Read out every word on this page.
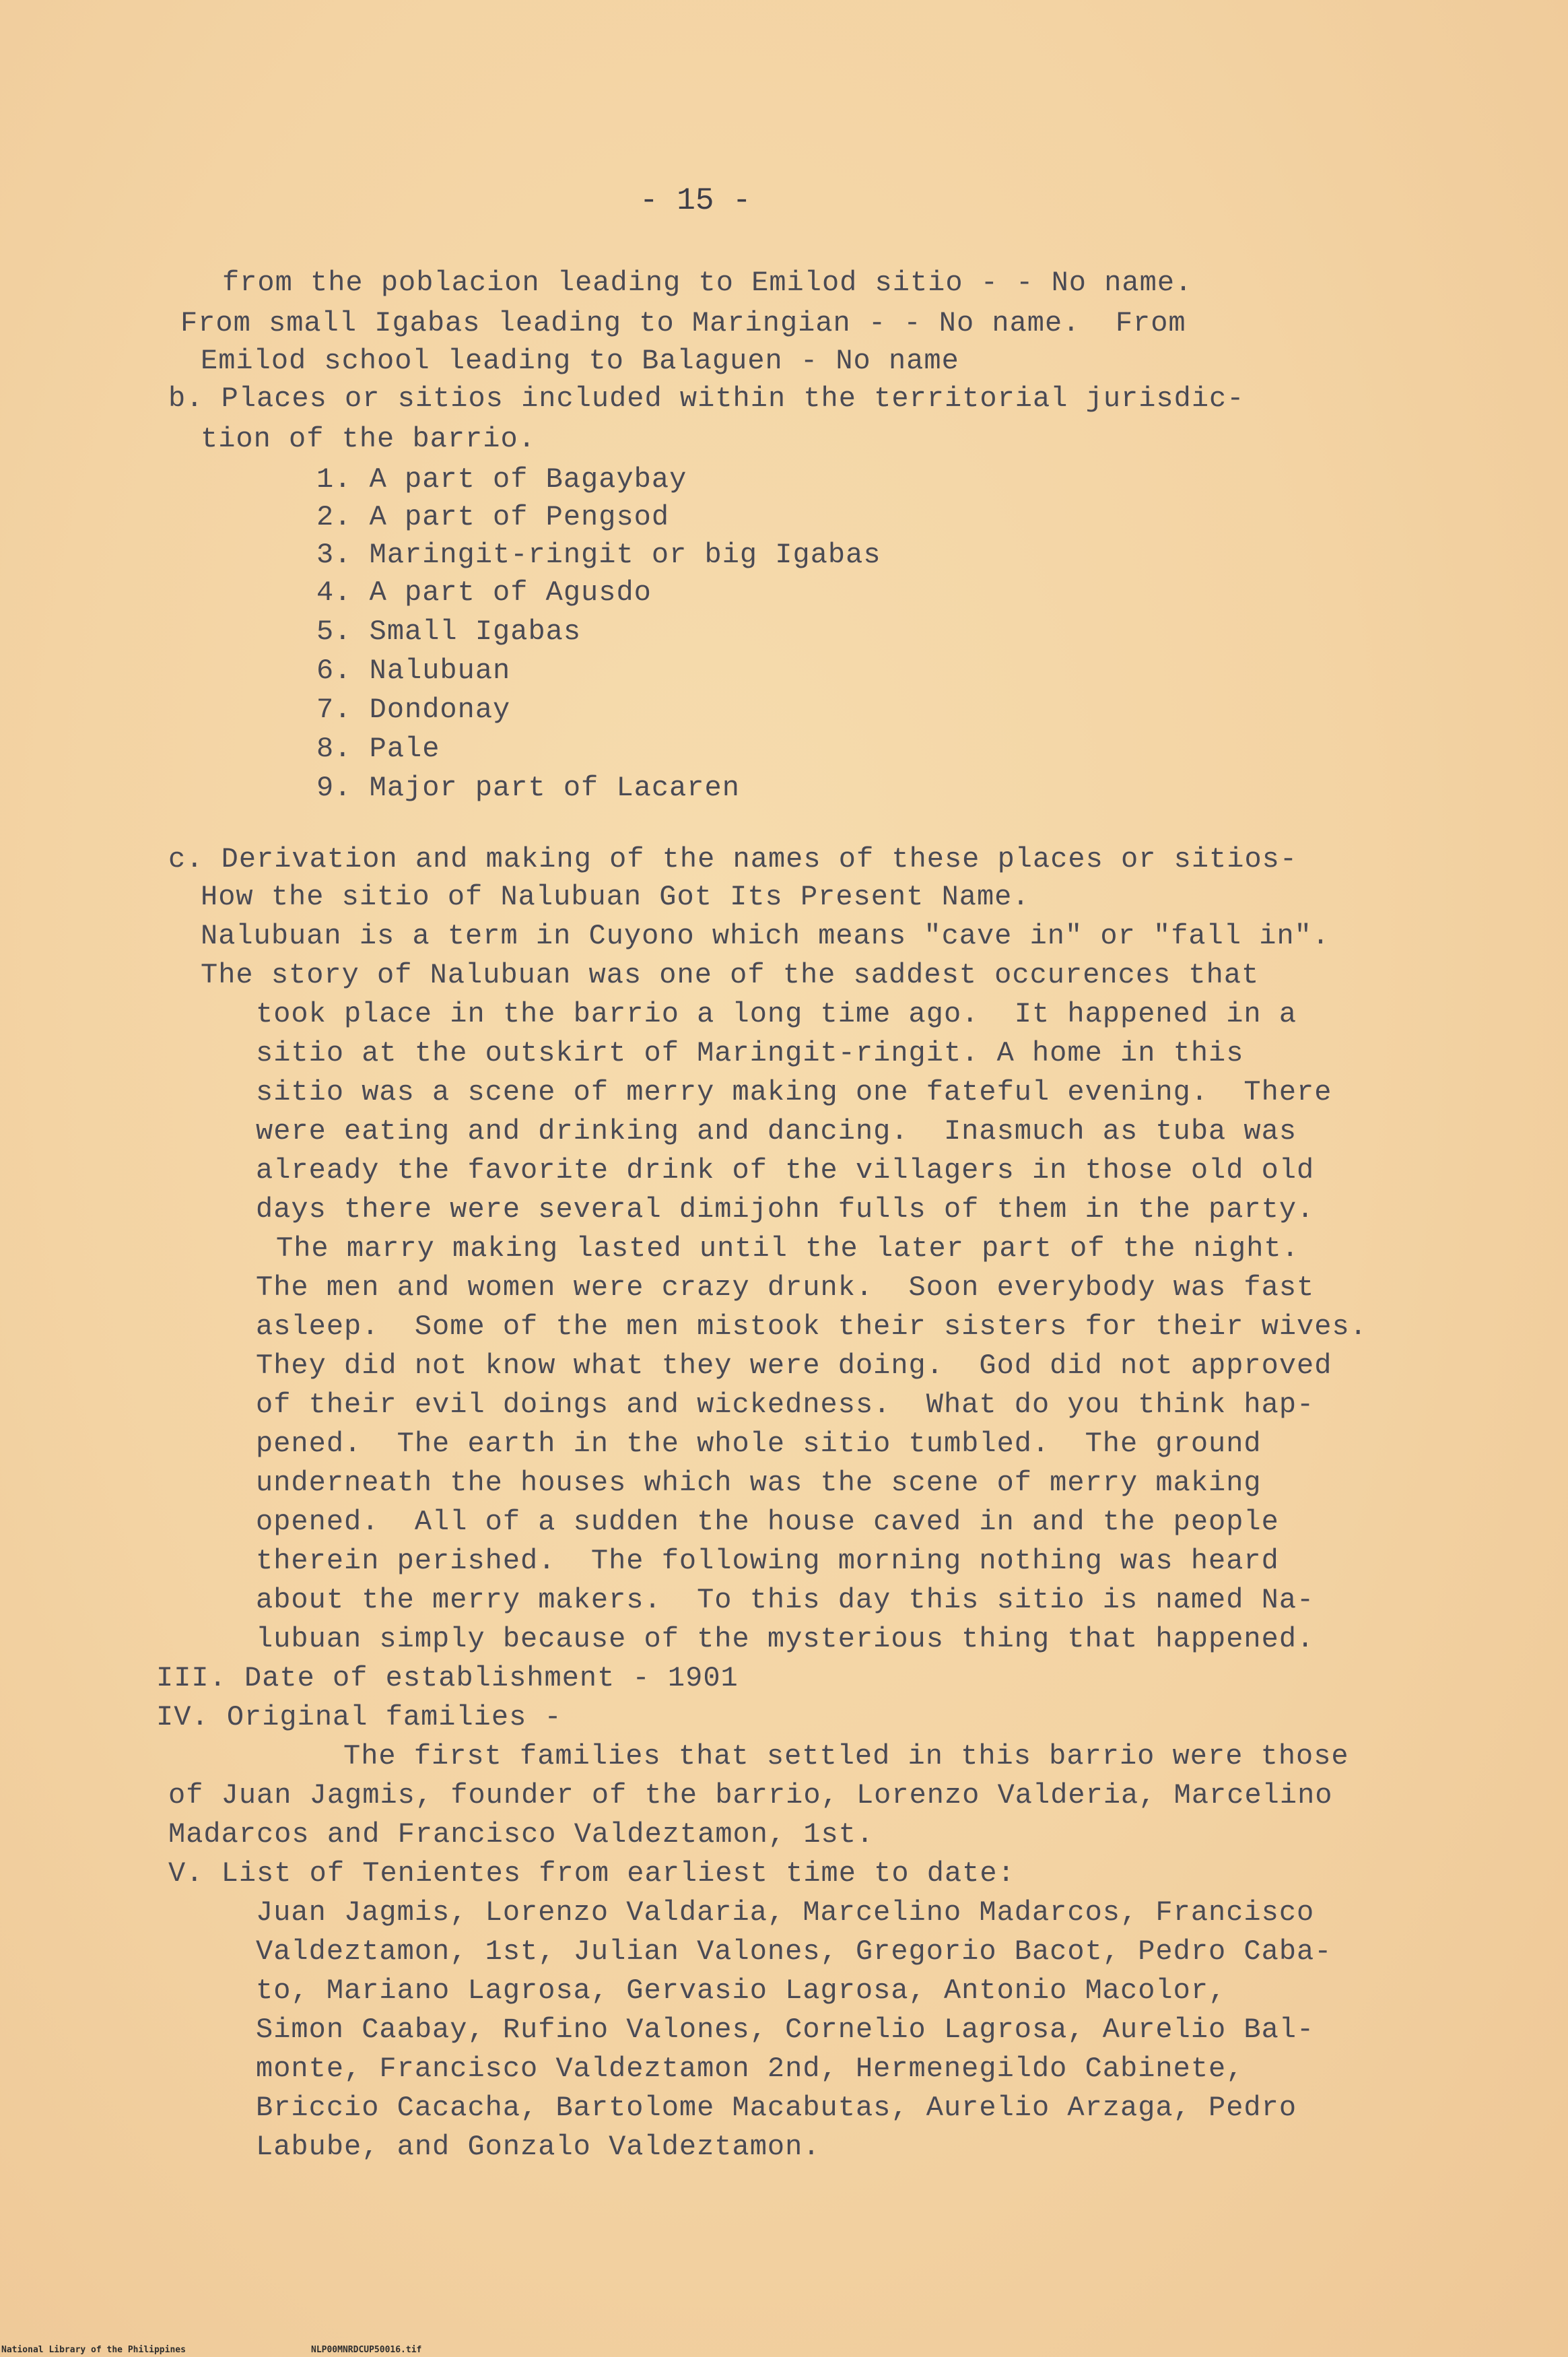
- 15 -
from the poblacion leading to Emilod sitio - - No name.
From small Igabas leading to Maringian - - No name.  From
Emilod school leading to Balaguen - No name
b. Places or sitios included within the territorial jurisdic-
tion of the barrio.
1. A part of Bagaybay
2. A part of Pengsod
3. Maringit-ringit or big Igabas
4. A part of Agusdo
5. Small Igabas
6. Nalubuan
7. Dondonay
8. Pale
9. Major part of Lacaren
c. Derivation and making of the names of these places or sitios-
How the sitio of Nalubuan Got Its Present Name.
Nalubuan is a term in Cuyono which means "cave in" or "fall in".
The story of Nalubuan was one of the saddest occurences that
took place in the barrio a long time ago.  It happened in a
sitio at the outskirt of Maringit-ringit. A home in this
sitio was a scene of merry making one fateful evening.  There
were eating and drinking and dancing.  Inasmuch as tuba was
already the favorite drink of the villagers in those old old
days there were several dimijohn fulls of them in the party.
The marry making lasted until the later part of the night.
The men and women were crazy drunk.  Soon everybody was fast
asleep.  Some of the men mistook their sisters for their wives.
They did not know what they were doing.  God did not approved
of their evil doings and wickedness.  What do you think hap-
pened.  The earth in the whole sitio tumbled.  The ground
underneath the houses which was the scene of merry making
opened.  All of a sudden the house caved in and the people
therein perished.  The following morning nothing was heard
about the merry makers.  To this day this sitio is named Na-
lubuan simply because of the mysterious thing that happened.
III. Date of establishment - 1901
IV. Original families -
The first families that settled in this barrio were those
of Juan Jagmis, founder of the barrio, Lorenzo Valderia, Marcelino
Madarcos and Francisco Valdeztamon, 1st.
V. List of Tenientes from earliest time to date:
Juan Jagmis, Lorenzo Valdaria, Marcelino Madarcos, Francisco
Valdeztamon, 1st, Julian Valones, Gregorio Bacot, Pedro Caba-
to, Mariano Lagrosa, Gervasio Lagrosa, Antonio Macolor,
Simon Caabay, Rufino Valones, Cornelio Lagrosa, Aurelio Bal-
monte, Francisco Valdeztamon 2nd, Hermenegildo Cabinete,
Briccio Cacacha, Bartolome Macabutas, Aurelio Arzaga, Pedro
Labube, and Gonzalo Valdeztamon.
National Library of the Philippines	NLP00MNRDCUP50016.tif
